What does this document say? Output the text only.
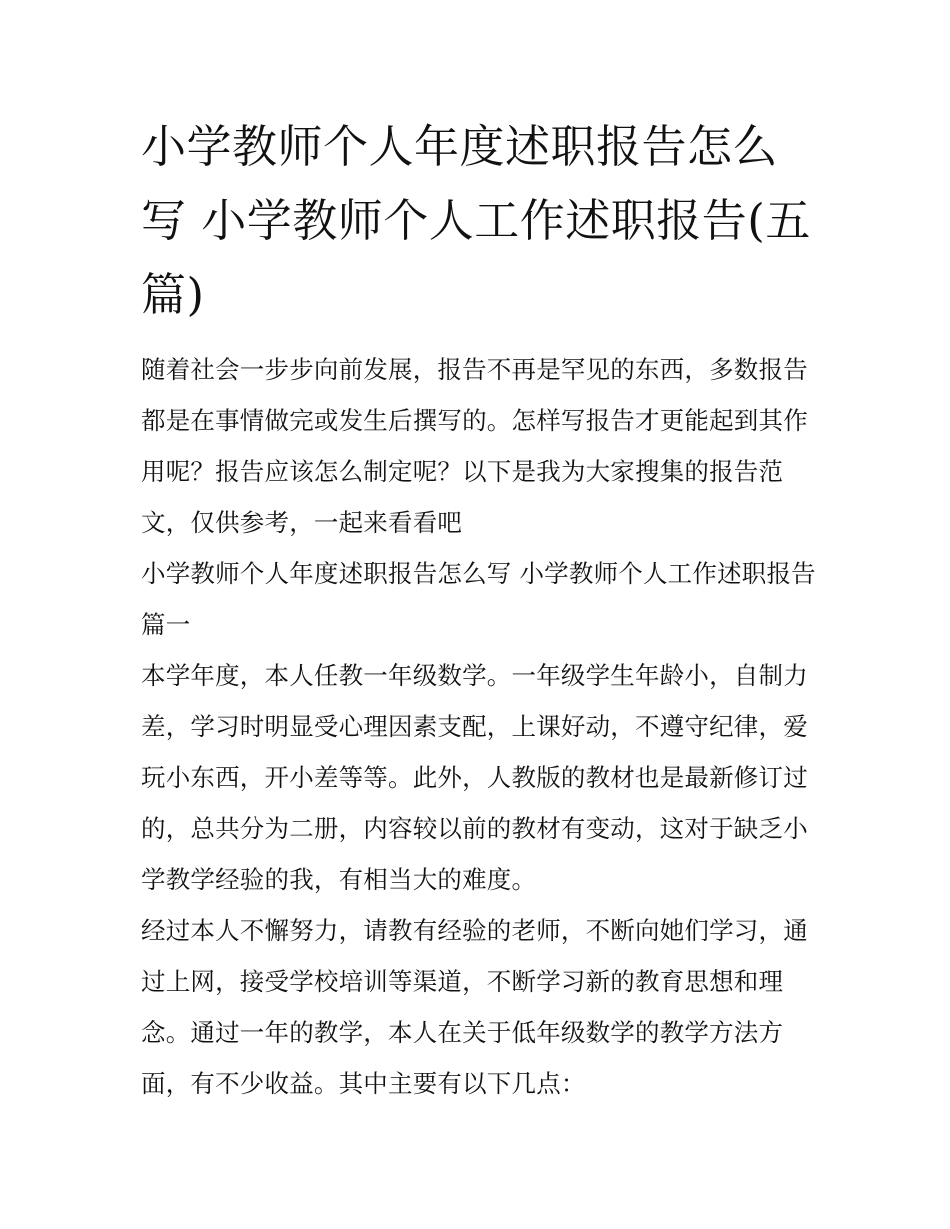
小学教师个人年度述职报告怎么写 小学教师个人工作述职报告(五篇)

随着社会一步步向前发展，报告不再是罕见的东西，多数报告都是在事情做完或发生后撰写的。怎样写报告才更能起到其作用呢？报告应该怎么制定呢？以下是我为大家搜集的报告范文，仅供参考，一起来看看吧

小学教师个人年度述职报告怎么写 小学教师个人工作述职报告篇一

本学年度，本人任教一年级数学。一年级学生年龄小，自制力差，学习时明显受心理因素支配，上课好动，不遵守纪律，爱玩小东西，开小差等等。此外，人教版的教材也是最新修订过的，总共分为二册，内容较以前的教材有变动，这对于缺乏小学教学经验的我，有相当大的难度。

经过本人不懈努力，请教有经验的老师，不断向她们学习，通过上网，接受学校培训等渠道，不断学习新的教育思想和理念。通过一年的教学，本人在关于低年级数学的教学方法方面，有不少收益。其中主要有以下几点：
